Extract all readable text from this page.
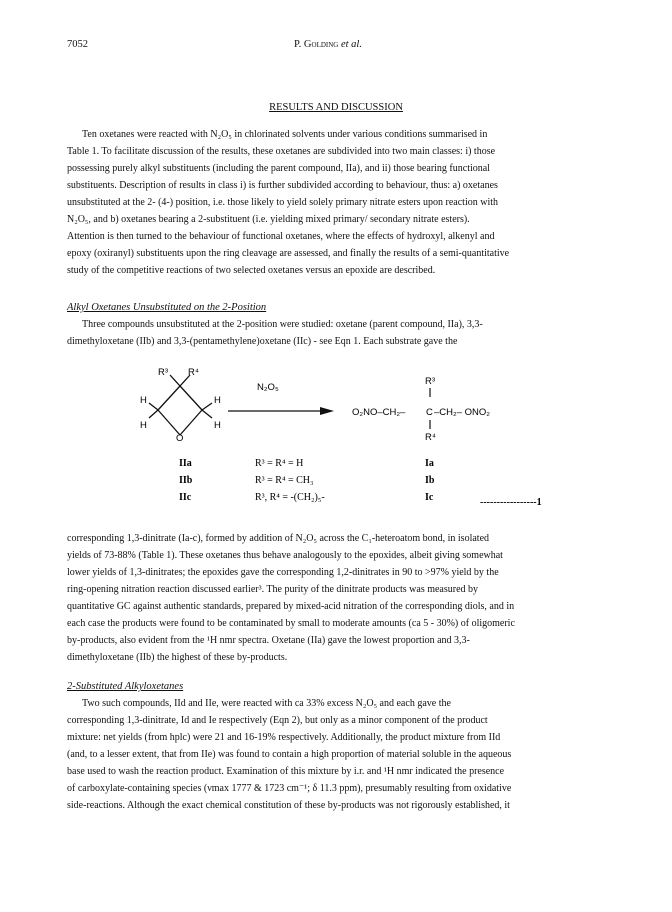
7052	P. Golding et al.
RESULTS AND DISCUSSION
Ten oxetanes were reacted with N₂O₅ in chlorinated solvents under various conditions summarised in
Table 1. To facilitate discussion of the results, these oxetanes are subdivided into two main classes: i) those
possessing purely alkyl substituents (including the parent compound, IIa), and ii) those bearing functional
substituents. Description of results in class i) is further subdivided according to behaviour, thus: a) oxetanes
unsubstituted at the 2- (4-) position, i.e. those likely to yield solely primary nitrate esters upon reaction with
N₂O₅, and b) oxetanes bearing a 2-substituent (i.e. yielding mixed primary/ secondary nitrate esters).
Attention is then turned to the behaviour of functional oxetanes, where the effects of hydroxyl, alkenyl and
epoxy (oxiranyl) substituents upon the ring cleavage are assessed, and finally the results of a semi-quantitative
study of the competitive reactions of two selected oxetanes versus an epoxide are described.
Alkyl Oxetanes Unsubstituted on the 2-Position
Three compounds unsubstituted at the 2-position were studied: oxetane (parent compound, IIa), 3,3-
dimethyloxetane (IIb) and 3,3-(pentamethylene)oxetane (IIc) - see Eqn 1. Each substrate gave the
R³ R⁴
H
H
H
H
O
N₂O₅
R³
O₂NO–CH₂– C –CH₂– ONO₂
R⁴
IIa	R³ = R⁴ = H	Ia
IIb	R³ = R⁴ = CH₃	Ib
IIc	R³, R⁴ = -(CH₂)₅-	Ic	-----------------1
corresponding 1,3-dinitrate (Ia-c), formed by addition of N₂O₅ across the C₁-heteroatom bond, in isolated
yields of 73-88% (Table 1). These oxetanes thus behave analogously to the epoxides, albeit giving somewhat
lower yields of 1,3-dinitrates; the epoxides gave the corresponding 1,2-dinitrates in 90 to >97% yield by the
ring-opening nitration reaction discussed earlier³. The purity of the dinitrate products was measured by
quantitative GC against authentic standards, prepared by mixed-acid nitration of the corresponding diols, and in
each case the products were found to be contaminated by small to moderate amounts (ca 5 - 30%) of oligomeric
by-products, also evident from the ¹H nmr spectra. Oxetane (IIa) gave the lowest proportion and 3,3-
dimethyloxetane (IIb) the highest of these by-products.
2-Substituted Alkyloxetanes
Two such compounds, IId and IIe, were reacted with ca 33% excess N₂O₅ and each gave the
corresponding 1,3-dinitrate, Id and Ie respectively (Eqn 2), but only as a minor component of the product
mixture: net yields (from hplc) were 21 and 16-19% respectively. Additionally, the product mixture from IId
(and, to a lesser extent, that from IIe) was found to contain a high proportion of material soluble in the aqueous
base used to wash the reaction product. Examination of this mixture by i.r. and ¹H nmr indicated the presence
of carboxylate-containing species (νmax 1777 & 1723 cm⁻¹; δ 11.3 ppm), presumably resulting from oxidative
side-reactions. Although the exact chemical constitution of these by-products was not rigorously established, it
